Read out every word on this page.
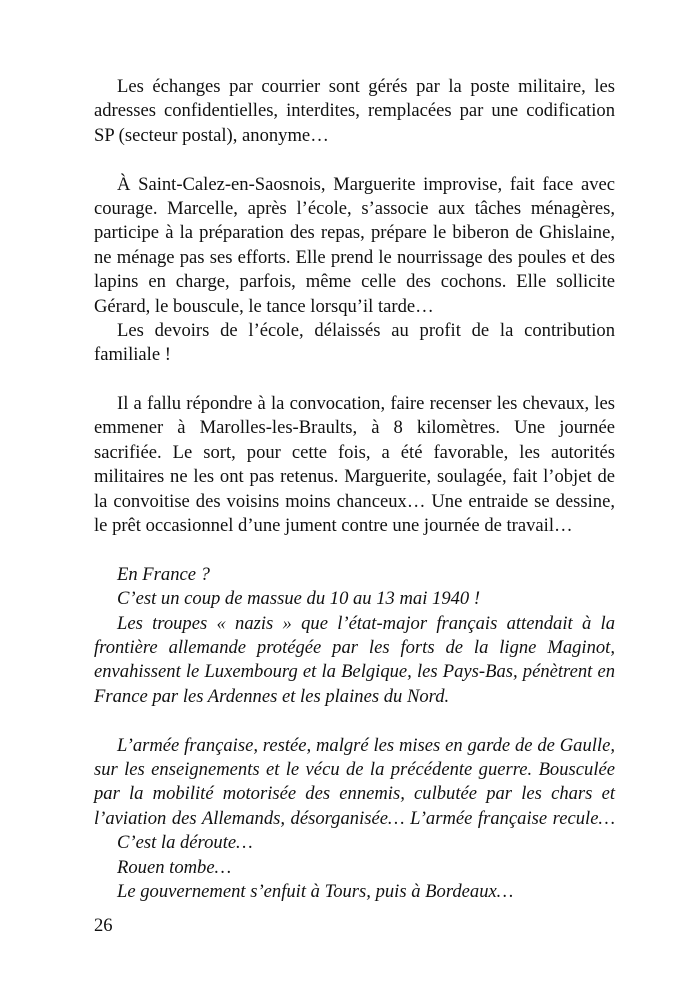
Les échanges par courrier sont gérés par la poste militaire, les
adresses confidentielles, interdites, remplacées par une codification
SP (secteur postal), anonyme…
À Saint-Calez-en-Saosnois, Marguerite improvise, fait face avec
courage. Marcelle, après l’école, s’associe aux tâches ménagères,
participe à la préparation des repas, prépare le biberon de Ghislaine,
ne ménage pas ses efforts. Elle prend le nourrissage des poules et des
lapins en charge, parfois, même celle des cochons. Elle sollicite
Gérard, le bouscule, le tance lorsqu’il tarde…
Les devoirs de l’école, délaissés au profit de la contribution
familiale !
Il a fallu répondre à la convocation, faire recenser les chevaux, les
emmener à Marolles-les-Braults, à 8 kilomètres. Une journée
sacrifiée. Le sort, pour cette fois, a été favorable, les autorités
militaires ne les ont pas retenus. Marguerite, soulagée, fait l’objet de
la convoitise des voisins moins chanceux… Une entraide se dessine,
le prêt occasionnel d’une jument contre une journée de travail…
En France ?
C’est un coup de massue du 10 au 13 mai 1940 !
Les troupes « nazis » que l’état-major français attendait à la
frontière allemande protégée par les forts de la ligne Maginot,
envahissent le Luxembourg et la Belgique, les Pays-Bas, pénètrent en
France par les Ardennes et les plaines du Nord.
L’armée française, restée, malgré les mises en garde de de Gaulle,
sur les enseignements et le vécu de la précédente guerre. Bousculée
par la mobilité motorisée des ennemis, culbutée par les chars et
l’aviation des Allemands, désorganisée… L’armée française recule…
C’est la déroute…
Rouen tombe…
Le gouvernement s’enfuit à Tours, puis à Bordeaux…
26
